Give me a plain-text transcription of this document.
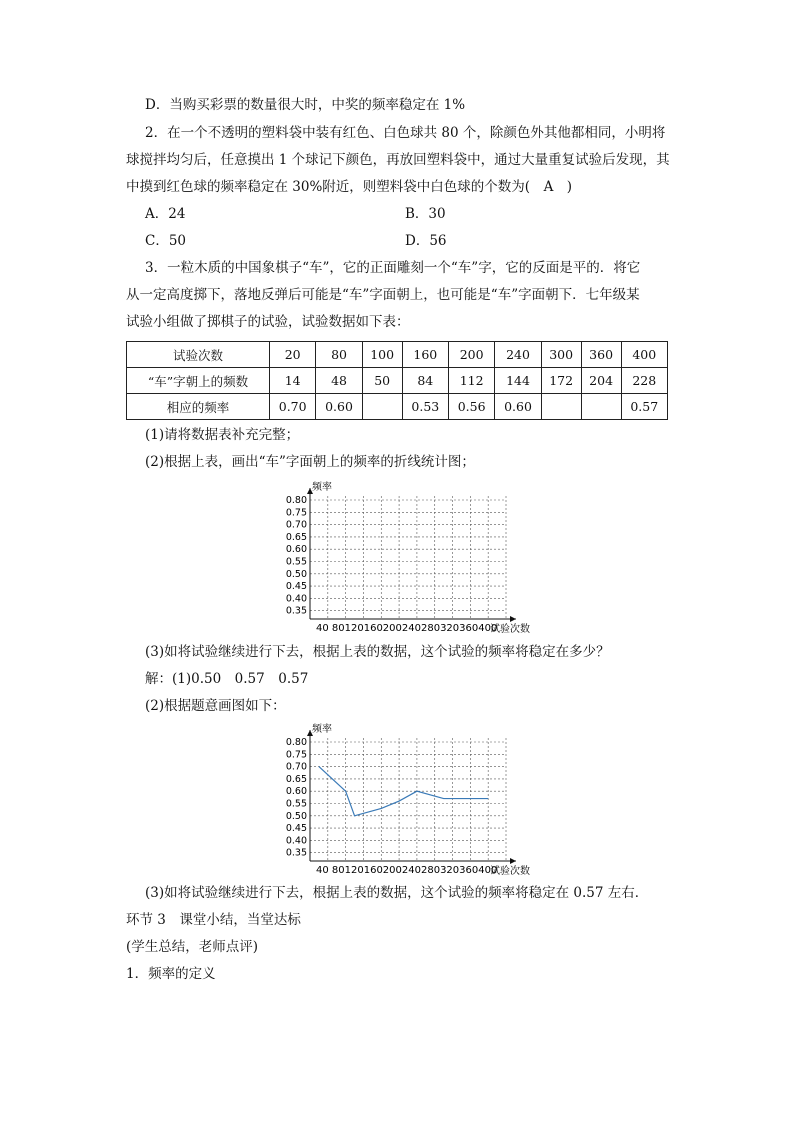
D．当购买彩票的数量很大时，中奖的频率稳定在 1%
2．在一个不透明的塑料袋中装有红色、白色球共 80 个，除颜色外其他都相同，小明将
球搅拌均匀后，任意摸出 1 个球记下颜色，再放回塑料袋中，通过大量重复试验后发现，其
中摸到红色球的频率稳定在 30%附近，则塑料袋中白色球的个数为(　A　)
A．24	B．30
C．50	D．56
3．一粒木质的中国象棋子“车”，它的正面雕刻一个“车”字，它的反面是平的．将它
从一定高度掷下，落地反弹后可能是“车”字面朝上，也可能是“车”字面朝下．七年级某
试验小组做了掷棋子的试验，试验数据如下表：
试验次数	20	80	100	160	200	240	300	360	400
“车”字朝上的频数	14	48	50	84	112	144	172	204	228
相应的频率	0.70	0.60		0.53	0.56	0.60			0.57
(1)请将数据表补充完整；
(2)根据上表，画出“车”字面朝上的频率的折线统计图；
频率
试验次数
40 80120160200240280320360400
0.80
0.75
0.70
0.65
0.60
0.55
0.50
0.45
0.40
0.35
(3)如将试验继续进行下去，根据上表的数据，这个试验的频率将稳定在多少？
解：(1)0.50　0.57　0.57
(2)根据题意画图如下：
频率
试验次数
40 80120160200240280320360400
0.80
0.75
0.70
0.65
0.60
0.55
0.50
0.45
0.40
0.35
(3)如将试验继续进行下去，根据上表的数据，这个试验的频率将稳定在 0.57 左右．
环节 3　课堂小结，当堂达标
(学生总结，老师点评)
1．频率的定义
